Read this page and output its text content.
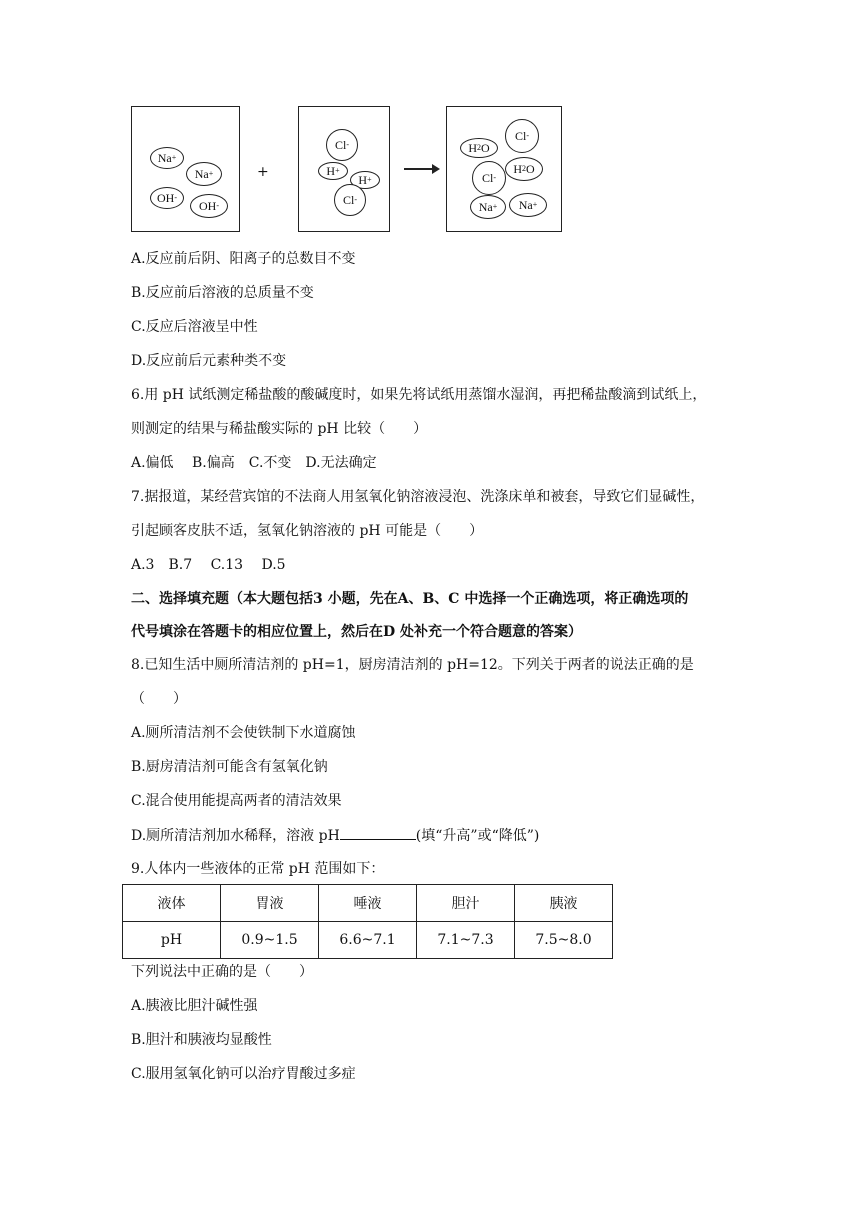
Na +
Na +
OH -
OH -
+
Cl -
H +
H +
Cl -
H 2 O
Cl -
H 2 O
Cl -
Na +	Na +
A.反应前后阴、阳离子的总数目不变
B.反应前后溶液的总质量不变
C.反应后溶液呈中性
D.反应前后元素种类不变
6.用 pH 试纸测定稀盐酸的酸碱度时，如果先将试纸用蒸馏水湿润，再把稀盐酸滴到试纸上，
则测定的结果与稀盐酸实际的 pH 比较（　　）
A.偏低　 B.偏高　C.不变　D.无法确定
7.据报道，某经营宾馆的不法商人用氢氧化钠溶液浸泡、洗涤床单和被套，导致它们显碱性，
引起顾客皮肤不适，氢氧化钠溶液的 pH 可能是（　　）
A.3　B.7　 C.13　 D.5
二、选择填充题（本大题包括3 小题，先在A、B、C 中选择一个正确选项，将正确选项的
代号填涂在答题卡的相应位置上，然后在D 处补充一个符合题意的答案）
8.已知生活中厕所清洁剂的 pH=1，厨房清洁剂的 pH=12。下列关于两者的说法正确的是
（　　）
A.厕所清洁剂不会使铁制下水道腐蚀
B.厨房清洁剂可能含有氢氧化钠
C.混合使用能提高两者的清洁效果
D.厕所清洁剂加水稀释，溶液 pH	(填“升高”或“降低”)
9.人体内一些液体的正常 pH 范围如下：
液体	胃液	唾液	胆汁	胰液
pH	0.9~1.5	6.6~7.1	7.1~7.3	7.5~8.0
下列说法中正确的是（　　）
A.胰液比胆汁碱性强
B.胆汁和胰液均显酸性
C.服用氢氧化钠可以治疗胃酸过多症
